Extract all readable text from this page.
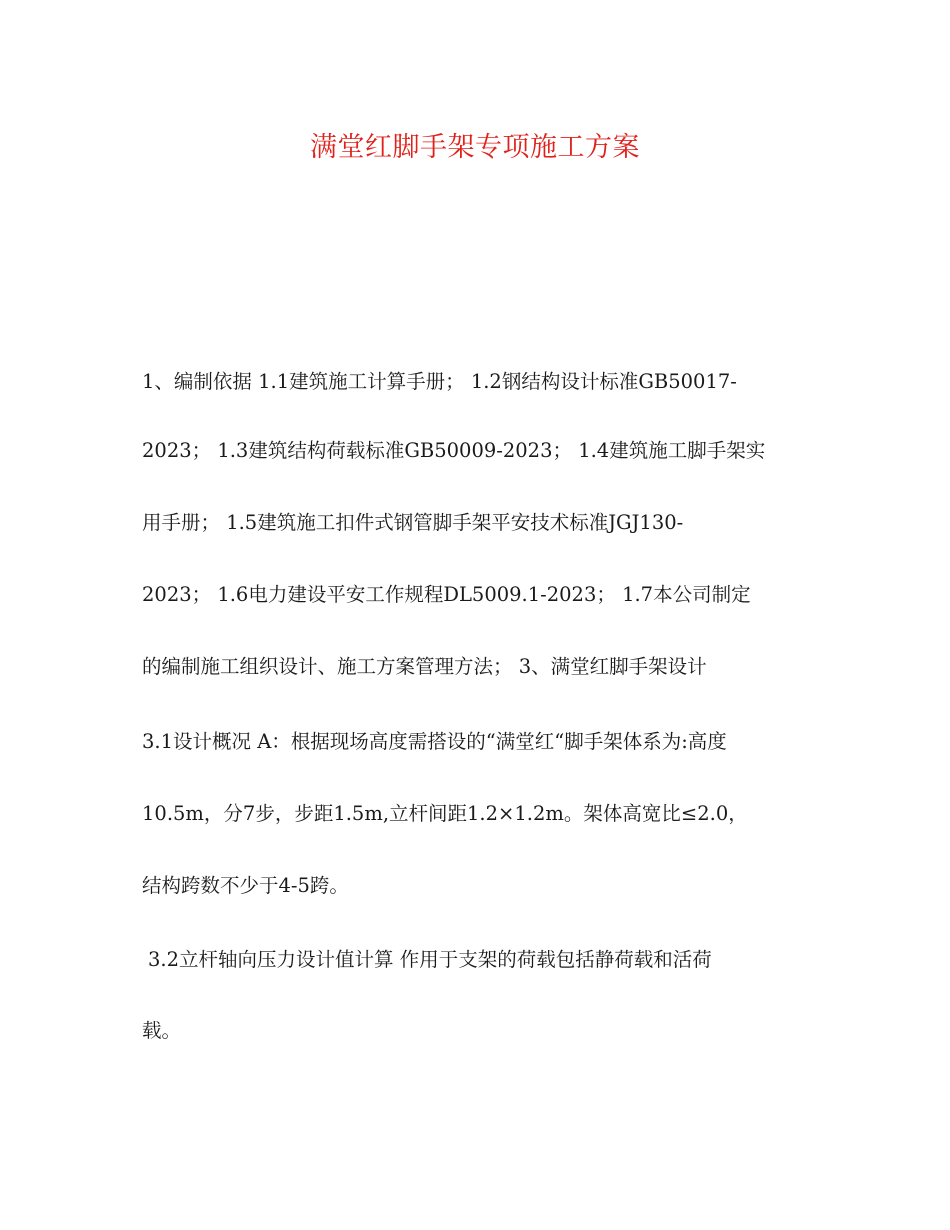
满堂红脚手架专项施工方案

1、编制依据 1.1建筑施工计算手册； 1.2钢结构设计标准GB50017-

2023； 1.3建筑结构荷载标准GB50009-2023； 1.4建筑施工脚手架实

用手册； 1.5建筑施工扣件式钢管脚手架平安技术标准JGJ130-

2023； 1.6电力建设平安工作规程DL5009.1-2023； 1.7本公司制定

的编制施工组织设计、施工方案管理方法； 3、满堂红脚手架设计

3.1设计概况 A：根据现场高度需搭设的“满堂红“脚手架体系为:高度

10.5m，分7步，步距1.5m,立杆间距1.2×1.2m。架体高宽比≤2.0，

结构跨数不少于4-5跨。

3.2立杆轴向压力设计值计算 作用于支架的荷载包括静荷载和活荷

载。
